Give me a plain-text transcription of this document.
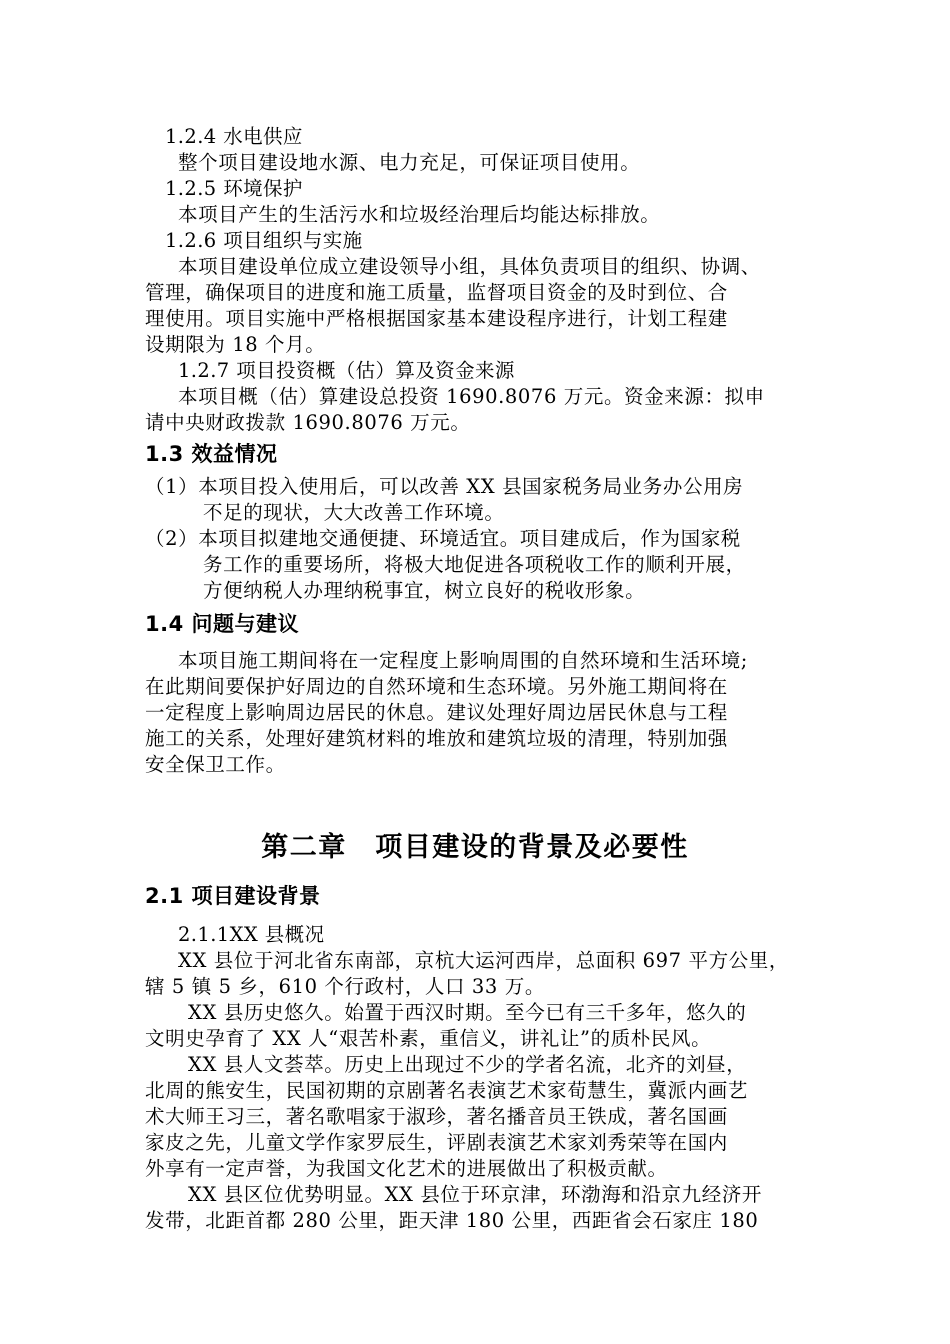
1.2.4 水电供应
整个项目建设地水源、电力充足，可保证项目使用。
1.2.5 环境保护
本项目产生的生活污水和垃圾经治理后均能达标排放。
1.2.6 项目组织与实施
本项目建设单位成立建设领导小组，具体负责项目的组织、协调、
管理，确保项目的进度和施工质量，监督项目资金的及时到位、合
理使用。项目实施中严格根据国家基本建设程序进行，计划工程建
设期限为 18 个月。
1.2.7 项目投资概（估）算及资金来源
本项目概（估）算建设总投资 1690.8076 万元。资金来源：拟申
请中央财政拨款 1690.8076 万元。
1.3 效益情况
（1）本项目投入使用后，可以改善 XX 县国家税务局业务办公用房
不足的现状，大大改善工作环境。
（2）本项目拟建地交通便捷、环境适宜。项目建成后，作为国家税
务工作的重要场所，将极大地促进各项税收工作的顺利开展，
方便纳税人办理纳税事宜，树立良好的税收形象。
1.4 问题与建议
本项目施工期间将在一定程度上影响周围的自然环境和生活环境;
在此期间要保护好周边的自然环境和生态环境。另外施工期间将在
一定程度上影响周边居民的休息。建议处理好周边居民休息与工程
施工的关系，处理好建筑材料的堆放和建筑垃圾的清理，特别加强
安全保卫工作。
第二章　项目建设的背景及必要性
2.1 项目建设背景
2.1.1XX 县概况
XX 县位于河北省东南部，京杭大运河西岸，总面积 697 平方公里，
辖 5 镇 5 乡，610 个行政村，人口 33 万。
XX 县历史悠久。始置于西汉时期。至今已有三千多年，悠久的
文明史孕育了 XX 人“艰苦朴素，重信义，讲礼让”的质朴民风。
XX 县人文荟萃。历史上出现过不少的学者名流，北齐的刘昼，
北周的熊安生，民国初期的京剧著名表演艺术家荀慧生，冀派内画艺
术大师王习三，著名歌唱家于淑珍，著名播音员王铁成，著名国画
家皮之先，儿童文学作家罗辰生，评剧表演艺术家刘秀荣等在国内
外享有一定声誉，为我国文化艺术的进展做出了积极贡献。
XX 县区位优势明显。XX 县位于环京津，环渤海和沿京九经济开
发带，北距首都 280 公里，距天津 180 公里，西距省会石家庄 180
